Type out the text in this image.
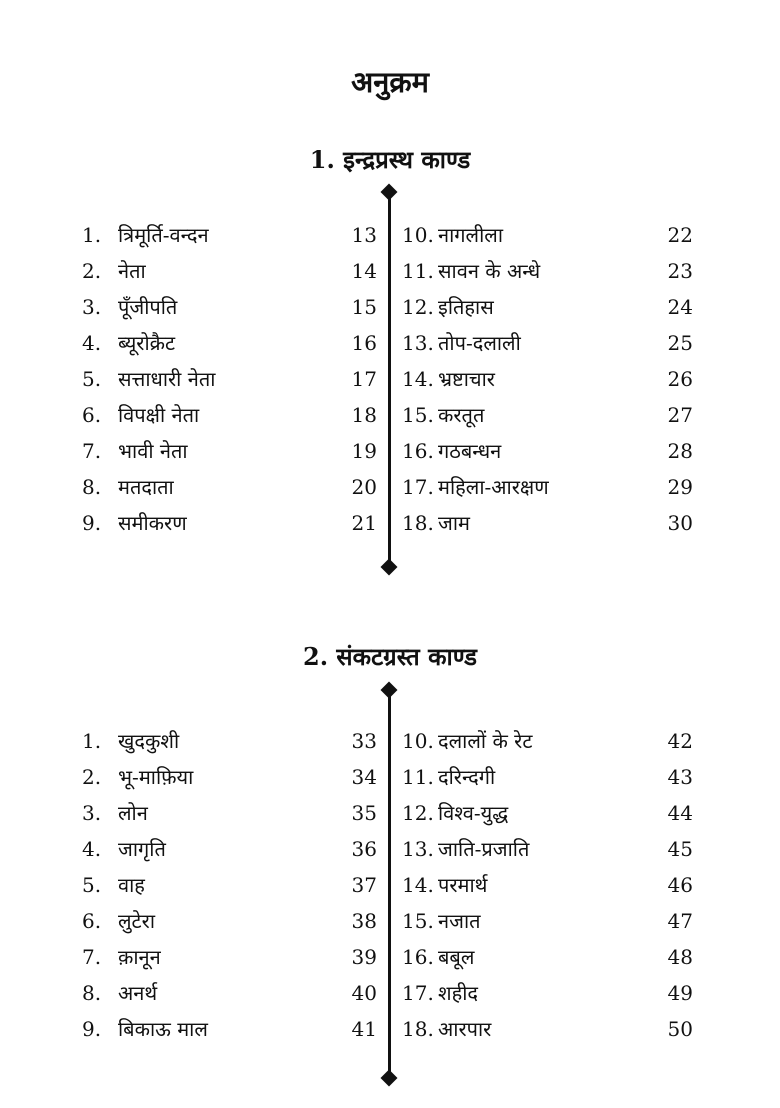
अनुक्रम
1. इन्द्रप्रस्थ काण्ड
2. संकटग्रस्त काण्ड
1. त्रिमूर्ति-वन्दन	13
2. नेता	14
3. पूँजीपति	15
4. ब्यूरोक्रैट	16
5. सत्ताधारी नेता	17
6. विपक्षी नेता	18
7. भावी नेता	19
8. मतदाता	20
9. समीकरण	21
10. नागलीला	22
11. सावन के अन्धे	23
12. इतिहास	24
13. तोप-दलाली	25
14. भ्रष्टाचार	26
15. करतूत	27
16. गठबन्धन	28
17. महिला-आरक्षण	29
18. जाम	30
1. खुदकुशी	33
2. भू-माफ़िया	34
3. लोन	35
4. जागृति	36
5. वाह	37
6. लुटेरा	38
7. क़ानून	39
8. अनर्थ	40
9. बिकाऊ माल	41
10. दलालों के रेट	42
11. दरिन्दगी	43
12. विश्व-युद्ध	44
13. जाति-प्रजाति	45
14. परमार्थ	46
15. नजात	47
16. बबूल	48
17. शहीद	49
18. आरपार	50
